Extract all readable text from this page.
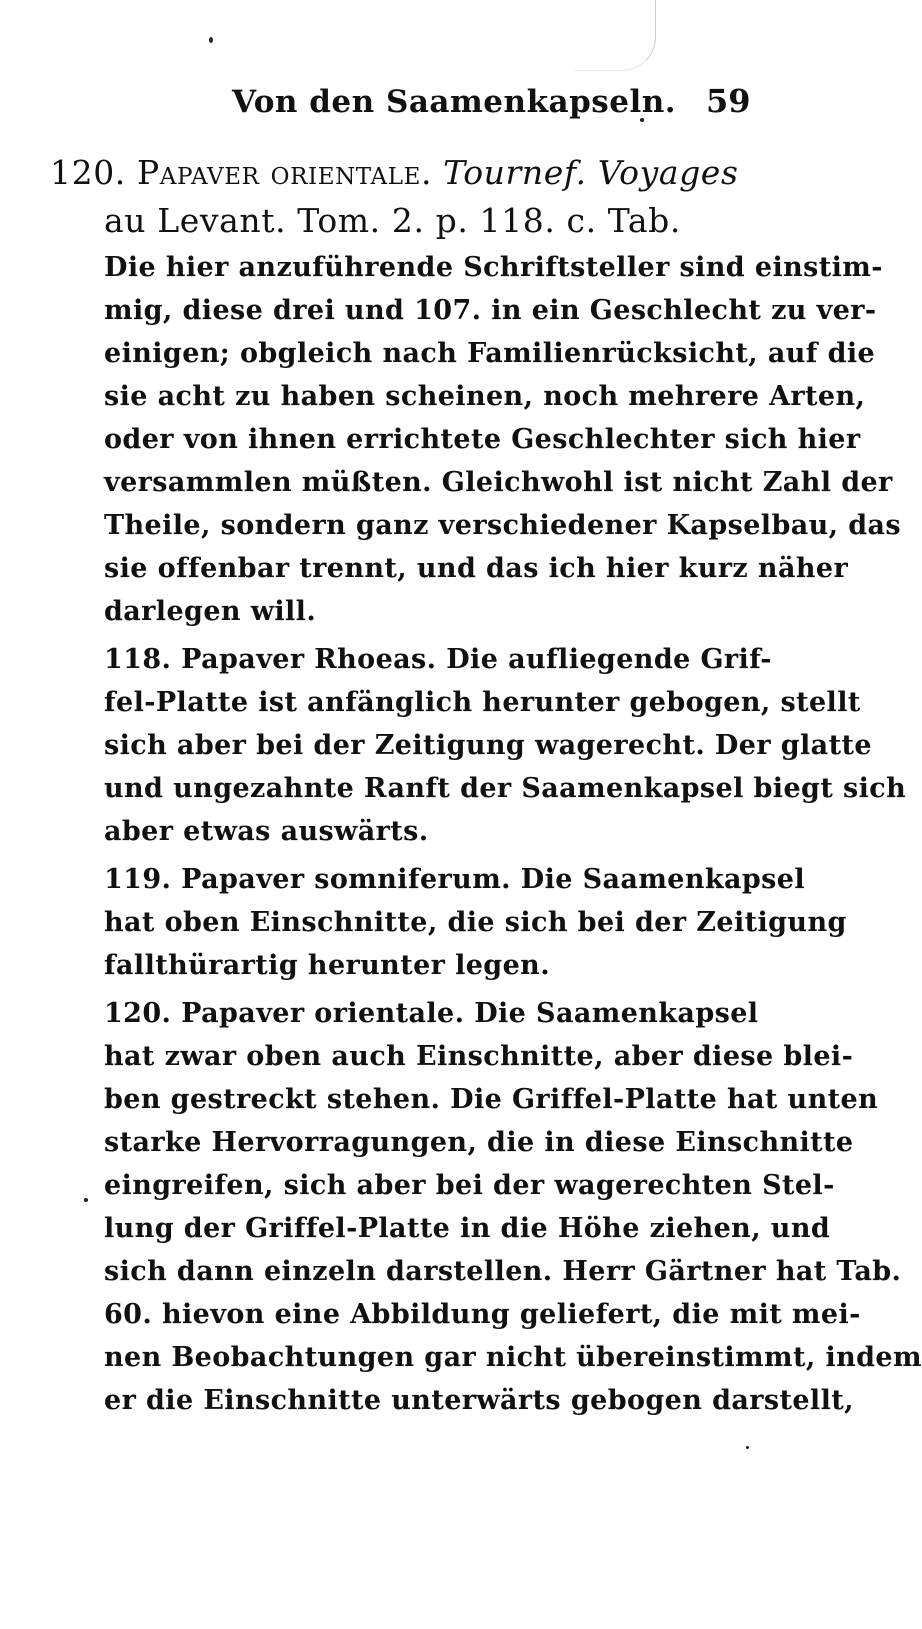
Von den Saamenkapseln. 59
120. Papaver orientale. Tournef. Voyages
au Levant. Tom. 2. p. 118. c. Tab.
Die hier anzuführende Schriftsteller sind einstim-
mig, diese drei und 107. in ein Geschlecht zu ver-
einigen; obgleich nach Familienrücksicht, auf die
sie acht zu haben scheinen, noch mehrere Arten,
oder von ihnen errichtete Geschlechter sich hier
versammlen müßten. Gleichwohl ist nicht Zahl der
Theile, sondern ganz verschiedener Kapselbau, das
sie offenbar trennt, und das ich hier kurz näher
darlegen will.
118. Papaver Rhoeas. Die aufliegende Grif-
fel-Platte ist anfänglich herunter gebogen, stellt
sich aber bei der Zeitigung wagerecht. Der glatte
und ungezahnte Ranft der Saamenkapsel biegt sich
aber etwas auswärts.
119. Papaver somniferum. Die Saamenkapsel
hat oben Einschnitte, die sich bei der Zeitigung
fallthürartig herunter legen.
120. Papaver orientale. Die Saamenkapsel
hat zwar oben auch Einschnitte, aber diese blei-
ben gestreckt stehen. Die Griffel-Platte hat unten
starke Hervorragungen, die in diese Einschnitte
eingreifen, sich aber bei der wagerechten Stel-
lung der Griffel-Platte in die Höhe ziehen, und
sich dann einzeln darstellen. Herr Gärtner hat Tab.
60. hievon eine Abbildung geliefert, die mit mei-
nen Beobachtungen gar nicht übereinstimmt, indem
er die Einschnitte unterwärts gebogen darstellt,
